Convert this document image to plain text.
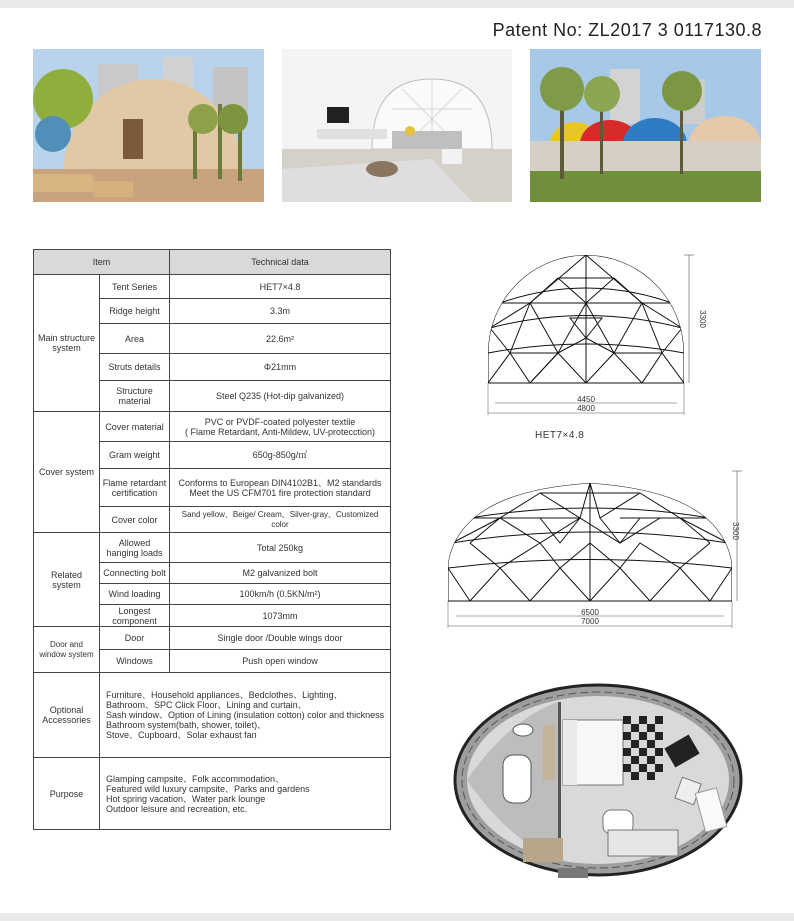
Patent No: ZL2017 3 0117130.8
Item		Technical data
Main structure system	Tent Series	HET7×4.8
	Ridge height	3.3m
	Area	22.6m²
	Struts details	Φ21mm
	Structure material	Steel Q235 (Hot-dip galvanized)
Cover system	Cover material	PVC or PVDF-coated polyester textile
( Flame Retardant, Anti-Mildew, UV-protecction)
	Gram weight	650g-850g/㎡
	Flame retardant certification	Conforms to European DIN4102B1、M2 standards
Meet the US CFM701 fire protection standard
	Cover color	Sand yellow、Beige/ Cream、Silver-gray、Customized color
Related system	Allowed hanging loads	Total 250kg
	Connecting bolt	M2 galvanized bolt
	Wind loading	100km/h (0.5KN/m²)
	Longest component	1073mm
Door and window system	Door	Single door /Double wings door
	Windows	Push open window
Optional Accessories	Furniture、Household appliances、Bedclothes、Lighting、
Bathroom、SPC Click Floor、Lining and curtain、
Sash window、Option of Lining (insulation cotton) color and thickness
Bathroom system(bath, shower, toilet)、
Stove、Cupboard、Solar exhaust fan	

Purpose	Glamping campsite、Folk accommodation、
Featured wild luxury campsite、Parks and gardens
Hot spring vacation、Water park lounge
Outdoor leisure and recreation, etc.	
3300
4450
4800
HET7×4.8
3300
6500
7000
